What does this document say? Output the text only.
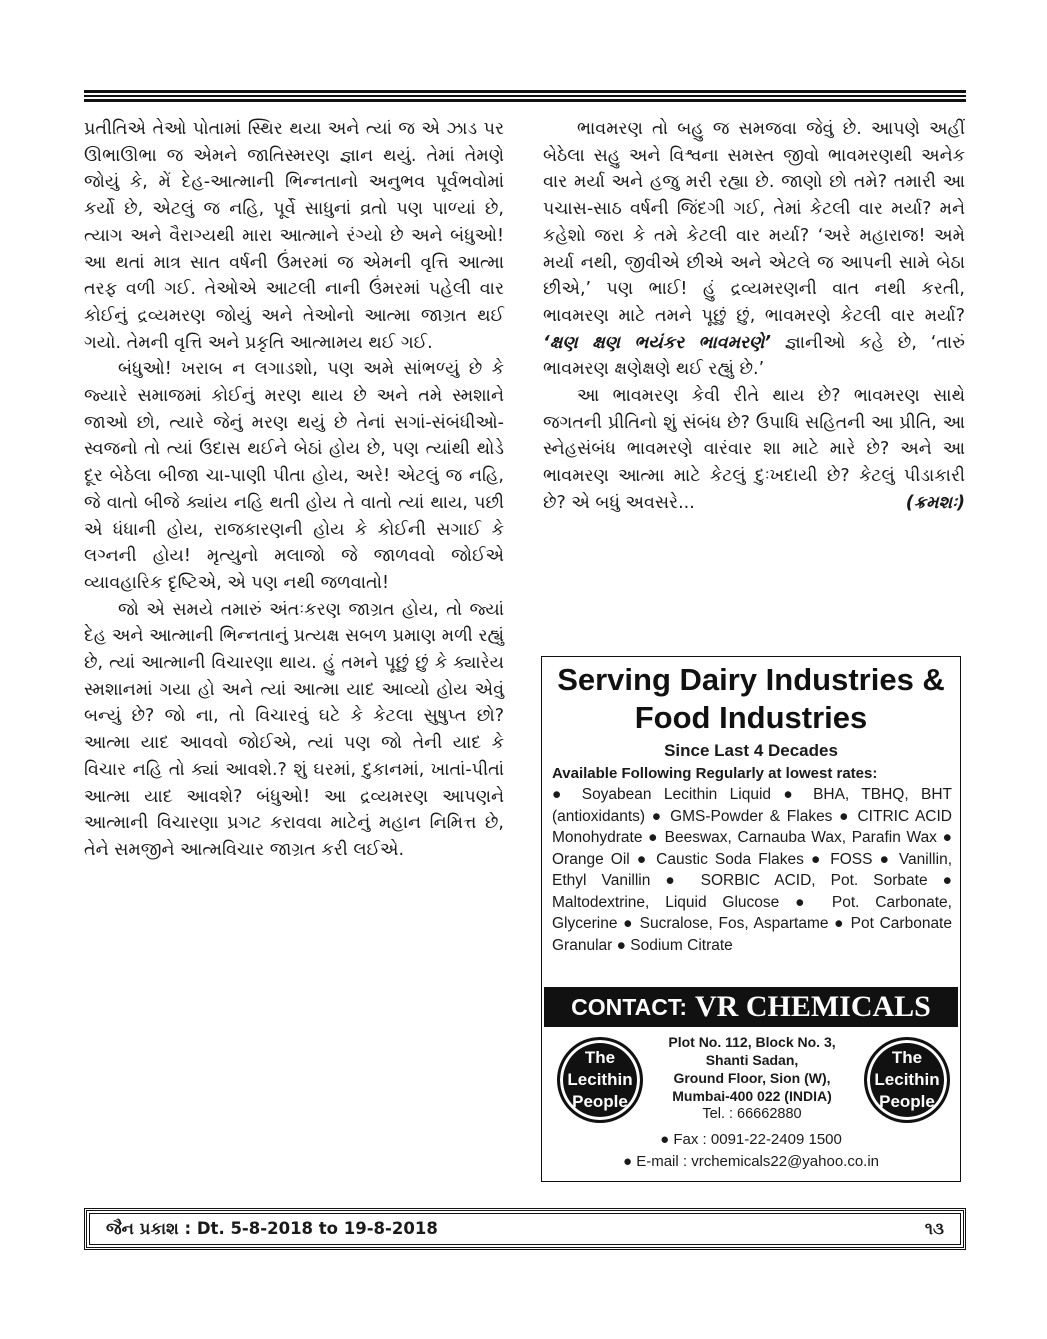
પ્રતીતિએ તેઓ પોતામાં સ્થિર થયા અને ત્યાં જ એ ઝાડ પર ઊભાઊભા જ એમને જાતિસ્મરણ જ્ઞાન થયું. તેમાં તેમણે જોયું કે, મેં દેહ-આત્માની ભિન્નતાનો અનુભવ પૂર્વભવોમાં કર્યો છે, એટલું જ નહિ, પૂર્વે સાધુનાં વ્રતો પણ પાળ્યાં છે, ત્યાગ અને વૈરાગ્યથી મારા આત્માને રંગ્યો છે અને બંધુઓ! આ થતાં માત્ર સાત વર્ષની ઉંમરમાં જ એમની વૃત્તિ આત્મા તરફ વળી ગઈ. તેઓએ આટલી નાની ઉંમરમાં પહેલી વાર કોઈનું દ્રવ્યમરણ જોયું અને તેઓનો આત્મા જાગ્રત થઈ ગયો. તેમની વૃત્તિ અને પ્રકૃતિ આત્મામય થઈ ગઈ.

બંધુઓ! ખરાબ ન લગાડશો, પણ અમે સાંભળ્યું છે કે જ્યારે સમાજમાં કોઈનું મરણ થાય છે અને તમે સ્મશાને જાઓ છો, ત્યારે જેનું મરણ થયું છે તેનાં સગાં-સંબંધીઓ-સ્વજનો તો ત્યાં ઉદાસ થઈને બેઠાં હોય છે, પણ ત્યાંથી થોડે દૂર બેઠેલા બીજા ચા-પાણી પીતા હોય, અરે! એટલું જ નહિ, જે વાતો બીજે ક્યાંય નહિ થતી હોય તે વાતો ત્યાં થાય, પછી એ ધંધાની હોય, રાજકારણની હોય કે કોઈની સગાઈ કે લગ્નની હોય! મૃત્યુનો મલાજો જે જાળવવો જોઈએ વ્યાવહારિક દૃષ્ટિએ, એ પણ નથી જળવાતો!

જો એ સમયે તમારું અંતઃકરણ જાગ્રત હોય, તો જ્યાં દેહ અને આત્માની ભિન્નતાનું પ્રત્યક્ષ સબળ પ્રમાણ મળી રહ્યું છે, ત્યાં આત્માની વિચારણા થાય. હું તમને પૂછું છું કે ક્યારેય સ્મશાનમાં ગયા હો અને ત્યાં આત્મા યાદ આવ્યો હોય એવું બન્યું છે? જો ના, તો વિચારવું ઘટે કે કેટલા સુષુપ્ત છો? આત્મા યાદ આવવો જોઈએ, ત્યાં પણ જો તેની યાદ કે વિચાર નહિ તો ક્યાં આવશે.? શું ઘરમાં, દુકાનમાં, ખાતાં-પીતાં આત્મા યાદ આવશે? બંધુઓ! આ દ્રવ્યમરણ આપણને આત્માની વિચારણા પ્રગટ કરાવવા માટેનું મહાન નિમિત્ત છે, તેને સમજીને આત્મવિચાર જાગ્રત કરી લઈએ.

ભાવમરણ તો બહુ જ સમજવા જેવું છે. આપણે અહીં બેઠેલા સહુ અને વિશ્વના સમસ્ત જીવો ભાવમરણથી અનેક વાર મર્યા અને હજુ મરી રહ્યા છે. જાણો છો તમે? તમારી આ પચાસ-સાઠ વર્ષની જિંદગી ગઈ, તેમાં કેટલી વાર મર્યા? મને કહેશો જરા કે તમે કેટલી વાર મર્યા? ‘અરે મહારાજ! અમે મર્યા નથી, જીવીએ છીએ અને એટલે જ આપની સામે બેઠા છીએ,’ પણ ભાઈ! હું દ્રવ્યમરણની વાત નથી કરતી, ભાવમરણ માટે તમને પૂછું છું, ભાવમરણે કેટલી વાર મર્યા? ‘ક્ષણ ક્ષણ ભયંકર ભાવમરણે’ જ્ઞાનીઓ કહે છે, ‘તારું ભાવમરણ ક્ષણેક્ષણે થઈ રહ્યું છે.’

આ ભાવમરણ કેવી રીતે થાય છે? ભાવમરણ સાથે જગતની પ્રીતિનો શું સંબંધ છે? ઉપાધિ સહિતની આ પ્રીતિ, આ સ્નેહસંબંધ ભાવમરણે વારંવાર શા માટે મારે છે? અને આ ભાવમરણ આત્મા માટે કેટલું દુઃખદાયી છે? કેટલું પીડાકારી છે? એ બધું અવસરે...	(ક્રમશઃ)

Serving Dairy Industries &
Food Industries
Since Last 4 Decades
Available Following Regularly at lowest rates:
● Soyabean Lecithin Liquid ● BHA, TBHQ, BHT (antioxidants) ● GMS-Powder & Flakes ● CITRIC ACID Monohydrate ● Beeswax, Carnauba Wax, Parafin Wax ● Orange Oil ● Caustic Soda Flakes ● FOSS ● Vanillin, Ethyl Vanillin ● SORBIC ACID, Pot. Sorbate ● Maltodextrine, Liquid Glucose ● Pot. Carbonate, Glycerine ● Sucralose, Fos, Aspartame ● Pot Carbonate Granular ● Sodium Citrate
CONTACT: VR CHEMICALS
The
Lecithin
People
Plot No. 112, Block No. 3,
Shanti Sadan,
Ground Floor, Sion (W),
Mumbai-400 022 (INDIA)
Tel. : 66662880
The
Lecithin
People
● Fax : 0091-22-2409 1500
● E-mail : vrchemicals22@yahoo.co.in
જૈન પ્રકાશ : Dt. 5-8-2018 to 19-8-2018	૧૩
